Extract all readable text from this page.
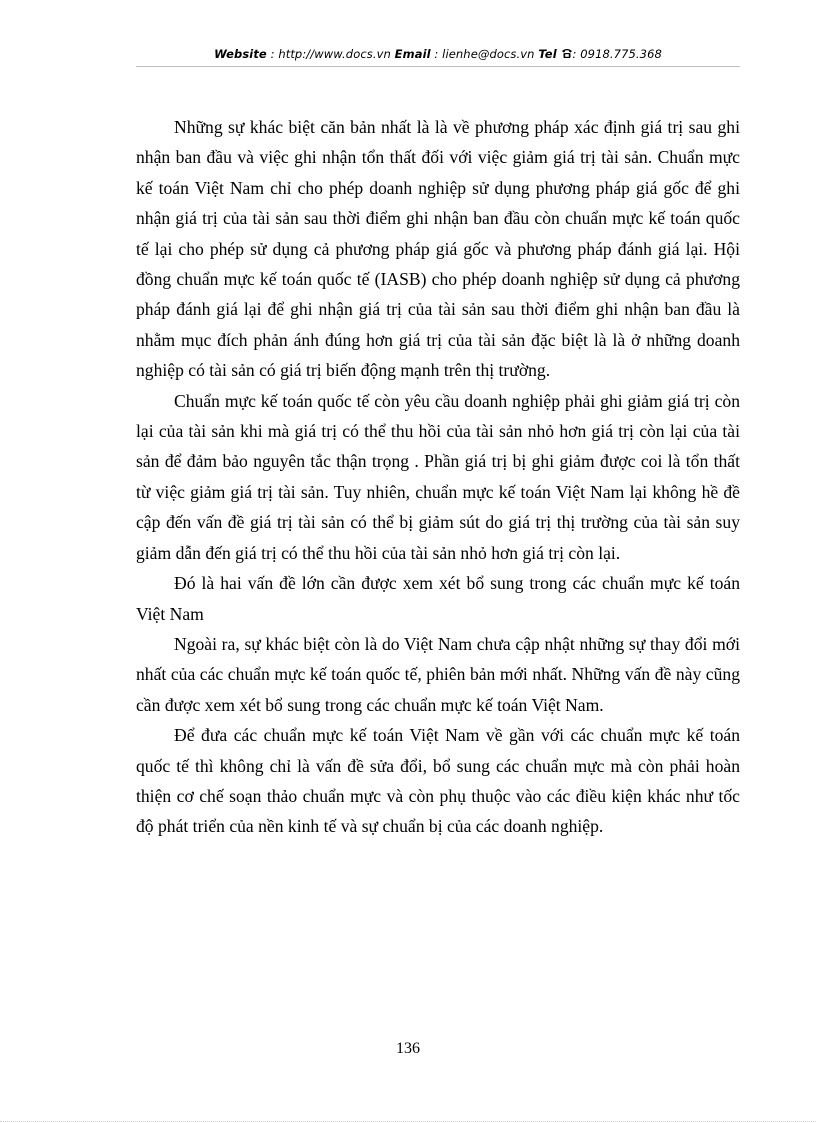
Website : http://www.docs.vn Email : lienhe@docs.vn Tel : 0918.775.368

Những sự khác biệt căn bản nhất là là về phương pháp xác định giá trị sau ghi nhận ban đầu và việc ghi nhận tổn thất đối với việc giảm giá trị tài sản. Chuẩn mực kế toán Việt Nam chỉ cho phép doanh nghiệp sử dụng phương pháp giá gốc để ghi nhận giá trị của tài sản sau thời điểm ghi nhận ban đầu còn chuẩn mực kế toán quốc tế lại cho phép sử dụng cả phương pháp giá gốc và phương pháp đánh giá lại. Hội đồng chuẩn mực kế toán quốc tế (IASB) cho phép doanh nghiệp sử dụng cả phương pháp đánh giá lại để ghi nhận giá trị của tài sản sau thời điểm ghi nhận ban đầu là nhằm mục đích phản ánh đúng hơn giá trị của tài sản đặc biệt là là ở những doanh nghiệp có tài sản có giá trị biến động mạnh trên thị trường.

Chuẩn mực kế toán quốc tế còn yêu cầu doanh nghiệp phải ghi giảm giá trị còn lại của tài sản khi mà giá trị có thể thu hồi của tài sản nhỏ hơn giá trị còn lại của tài sản để đảm bảo nguyên tắc thận trọng . Phần giá trị bị ghi giảm được coi là tổn thất từ việc giảm giá trị tài sản. Tuy nhiên, chuẩn mực kế toán Việt Nam lại không hề đề cập đến vấn đề giá trị tài sản có thể bị giảm sút do giá trị thị trường của tài sản suy giảm dẫn đến giá trị có thể thu hồi của tài sản nhỏ hơn giá trị còn lại.

Đó là hai vấn đề lớn cần được xem xét bổ sung trong các chuẩn mực kế toán Việt Nam

Ngoài ra, sự khác biệt còn là do Việt Nam chưa cập nhật những sự thay đổi mới nhất của các chuẩn mực kế toán quốc tế, phiên bản mới nhất. Những vấn đề này cũng cần được xem xét bổ sung trong các chuẩn mực kế toán Việt Nam.

Để đưa các chuẩn mực kế toán Việt Nam về gần với các chuẩn mực kế toán quốc tế thì không chỉ là vấn đề sửa đổi, bổ sung các chuẩn mực mà còn phải hoàn thiện cơ chế soạn thảo chuẩn mực và còn phụ thuộc vào các điều kiện khác như tốc độ phát triển của nền kinh tế và sự chuẩn bị của các doanh nghiệp.

136
